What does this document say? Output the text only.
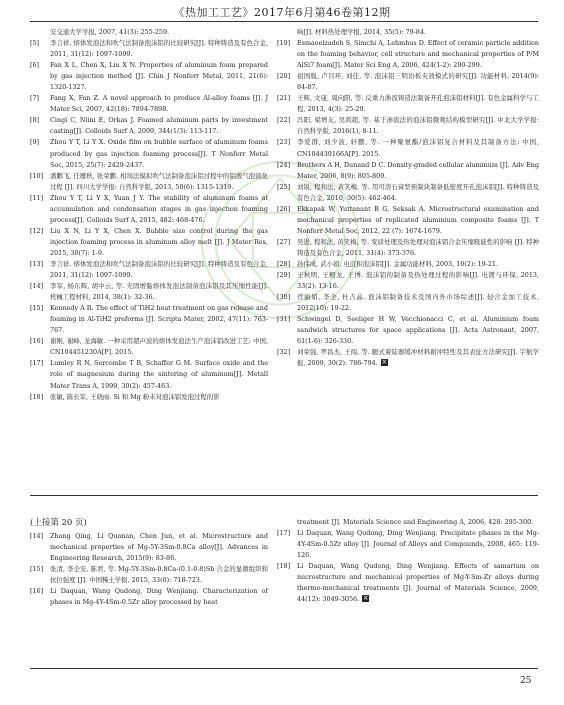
《热加工工艺》2017年6月第46卷第12期
安交通大学学报, 2007, 41(3): 255-259.
[5]	李言祥. 熔体发泡法和吹气法制备泡沫铝的比较研究[J]. 特种铸造及有色合金, 2011, 31(12): 1097-1099.
[6]	Fan X L, Chen X, Liu X N. Properties of aluminum foam prepared by gas injection method [J]. Chin J Nonferr Metal, 2011, 21(6): 1320-1327.
[7]	Fang X, Fan Z. A novel approach to produce Al-alloy foams [J]. J Mater Sci, 2007, 42(18): 7894-7898.
[8]	Cingi C, Niini E, Orkas J. Foamed aluminum parts by investment casting[J]. Colloids Surf A, 2009, 344(1/3): 113-117.
[9]	Zhou Y T, Li Y X. Oxide film on bubble surface of aluminum foams produced by gas injection foaming process[J]. T Nonferr Metal Soc, 2015, 25(7): 2429-2437.
[10]	潘鹏飞, 任雁秋, 张荣鹏. 相场法模拟吹气法制备泡沫铝过程中的铝液气泡演化过程 [J]. 四川大学学报: 自然科学版, 2013, 50(6): 1315-1319.
[11]	Zhou Y T, Li Y X, Yuan J Y. The stability of aluminum foams at accumulation and condensation stages in gas injection foaming process[J]. Colloids Surf A, 2015, 482: 468-476.
[12]	Liu X N, Li Y X, Chen X. Bubble size control during the gas injection foaming process in aluminum alloy melt [J]. J Mater Res, 2015, 30(7): 1-9.
[13]	李言祥. 熔体发泡法和吹气法制备泡沫铝的比较研究[J]. 特种铸造及有色合金, 2011, 31(12): 1097-1099.
[14]	李军, 杨东辉, 胡中云, 等. 无固增黏熔体发泡法制备泡沫铝及其压缩性能[J]. 机械工程材料, 2014, 38(1): 32-36.
[15]	Kennedy A R. The effect of TiH2 heat treatment on gas release and foaming in Al-TiH2 preforms [J]. Scripta Mater, 2002, 47(11): 763-767.
[16]	谢刚, 谢峰, 龙海敏. 一种采用超声波的熔体发泡法生产泡沫铝改进工艺: 中国, CN104451230A[P]. 2015.
[17]	Lumley R N, Sercombe T B, Schaffer G M. Surface oxide and the role of magnesium during the sintering of aluminum[J]. Metall Mater Trans A, 1999, 30(2): 457-463.
[18]	张敏, 陈长军, 王晓雨. Si 和 Mg 粉末对泡沫铝发泡过程的影
响[J]. 材料热处理学报, 2014, 35(5): 79-84.
[19]	Esmaeelzadeh S, Simchi A, Lehmhus D. Effect of ceramic particle addition on the foaming behavior, cell structure and mechanical properties of P/M AlSi7 foam[J]. Mater Sci Eng A, 2006, 424(1-2): 290-299.
[20]	祖国胤, 卢目环, 刘佳, 等. 泡沫铝三明治板夹效模式的研究[J]. 功能材料, 2014(9): 84-87.
[21]	王辉, 文康, 周向阳, 等. 反重力渗流铸造法制备开孔泡沫铝材料[J]. 有色金属科学与工程, 2013, 4(3): 25-29.
[22]	冯阳, 梁增友, 吴鸿超, 等. 基于渗流法的泡沫铝微观结构模型研究[J]. 中北大学学报: 自然科学版, 2016(1), 8-11.
[23]	李爱群, 刘少波, 轩鹏, 等. 一种聚氨酯/泡沫铝复合材料及其制备方法: 中国, CN104439166A[P]. 2015.
[24]	Brothers A H, Dunand D C. Density-graded cellular aluminum [J]. Adv Eng Mater, 2006, 8(9): 805-809.
[25]	刘锐, 程和法, 黄笑梅, 等. 用可溶石膏型预制块制备低密度开孔泡沫铝[J]. 特种铸造及有色合金, 2010, 30(5): 462-464.
[26]	Ekkapak W, Yuttanant B G, Seksak A. Microstructural examination and mechanical properties of replicated aluminium composite foams [J]. T Nonferr Metal Soc, 2012, 22 (7): 1674-1679.
[27]	吴进, 程和法, 黄笑梅, 等. 变质处理及热处理对泡沫铝合金压缩吸能性的影响 [J]. 特种铸造及有色合金, 2011, 31(4): 373-376.
[28]	孙伟成, 武小娟. 电沉积泡沫铝[J]. 金属功能材料, 2003, 10(2): 19-21.
[29]	王秋明, 王殿龙, 王博. 泡沫铝的制备及热处理过程的影响[J]. 电镀与环保, 2013, 33(2): 13-16.
[30]	菅丽娟, 李全, 杜吉晶. 泡沫铝制备技术及国内外市场综述[J]. 轻合金加工技术, 2012(10): 19-22.
[31]	Schwingel D, Seeliger H W, Vecchionacci C, et al. Aluminium foam sandwich structures for space applications [J]. Acta Astronaut, 2007, 61(1-6): 326-330.
[32]	刘荣强, 罗昌杰, 王闯, 等. 腿式着陆器缓冲材料耐冲特性及其表征方法研究[J]. 宇航学报, 2009, 30(2): 786-794.×
(上接第 20 页)
[14]	Zhang Qing, Li Quanan, Chen Jun, et al. Microstructure and mechanical properties of Mg-5Y-3Sm-0.8Ca alloy[J]. Advances in Engineering Research, 2015(9): 83-86.
[15]	张清, 李全安, 陈君, 等. Mg-5Y-3Sm-0.8Ca-(0.1-0.8)Sb 合金的显微组织和抗拉强度 [J]. 中国稀土学报, 2015, 33(6): 718-723.
[16]	Li Daquan, Wang Qudong, Ding Wenjiang. Characterization of phases in Mg-4Y-4Sm-0.5Zr alloy processed by heat
treatment [J]. Materials Science and Engineering A, 2006, 428: 295-300.
[17]	Li Daquan, Wang Qudong, Ding Wenjiang. Precipitate phases in the Mg-4Y-4Sm-0.5Zr alloy [J]. Journal of Alloys and Compounds, 2008, 465: 119-126.
[18]	Li Daquan, Wang Qudong, Ding Wenjiang. Effects of samarium on microstructure and mechanical properties of Mg-Y-Sm-Zr alloys during thermo-mechanical treatments [J]. Journal of Materials Science, 2009, 44(12): 3049-3056.×
25
